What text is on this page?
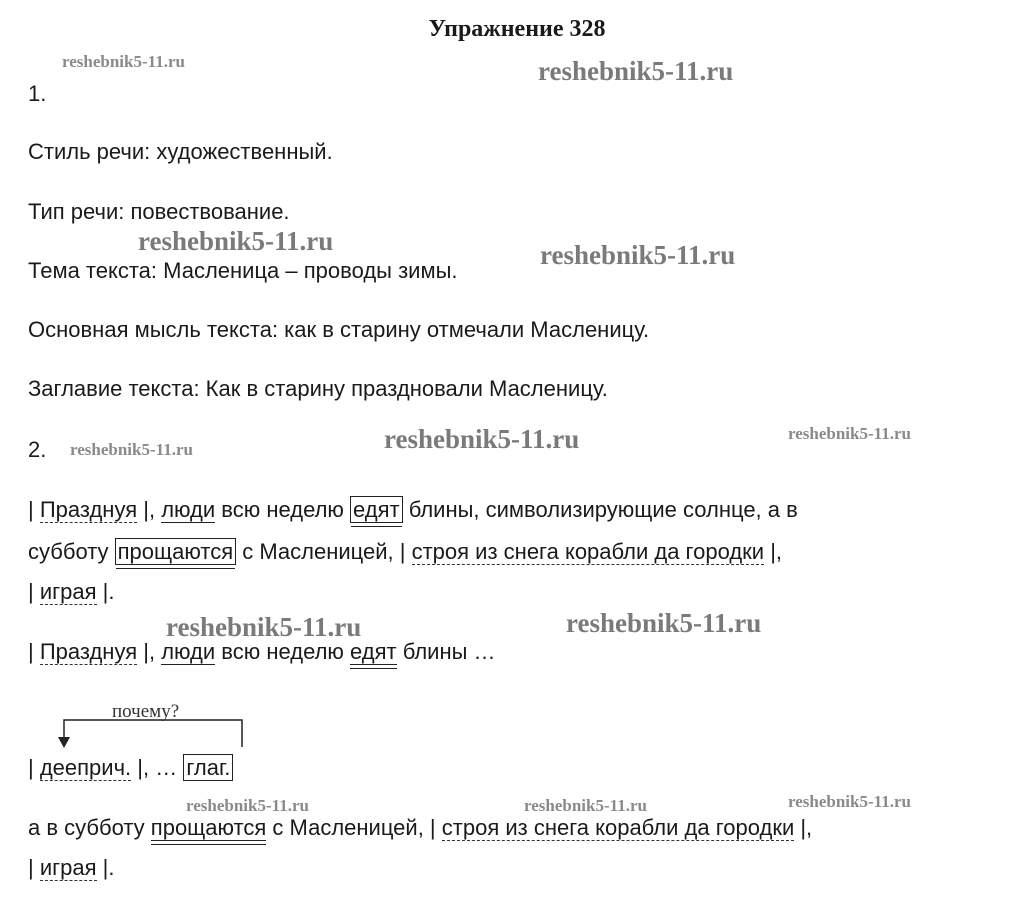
Упражнение 328
reshebnik5-11.ru	reshebnik5-11.ru
reshebnik5-11.ru	reshebnik5-11.ru
reshebnik5-11.ru	reshebnik5-11.ru	reshebnik5-11.ru
reshebnik5-11.ru	reshebnik5-11.ru
reshebnik5-11.ru	reshebnik5-11.ru	reshebnik5-11.ru
1.
Стиль речи: художественный.
Тип речи: повествование.
Тема текста: Масленица – проводы зимы.
Основная мысль текста: как в старину отмечали Масленицу.
Заглавие текста: Как в старину праздновали Масленицу.
2.
| Празднуя |, люди всю неделю едят блины, символизирующие солнце, а в
субботу прощаются с Масленицей, | строя из снега корабли да городки |,
| играя |.
| Празднуя |, люди всю неделю едят блины …
почему?
| дееприч. |, … глаг.
а в субботу прощаются с Масленицей, | строя из снега корабли да городки |,
| играя |.
